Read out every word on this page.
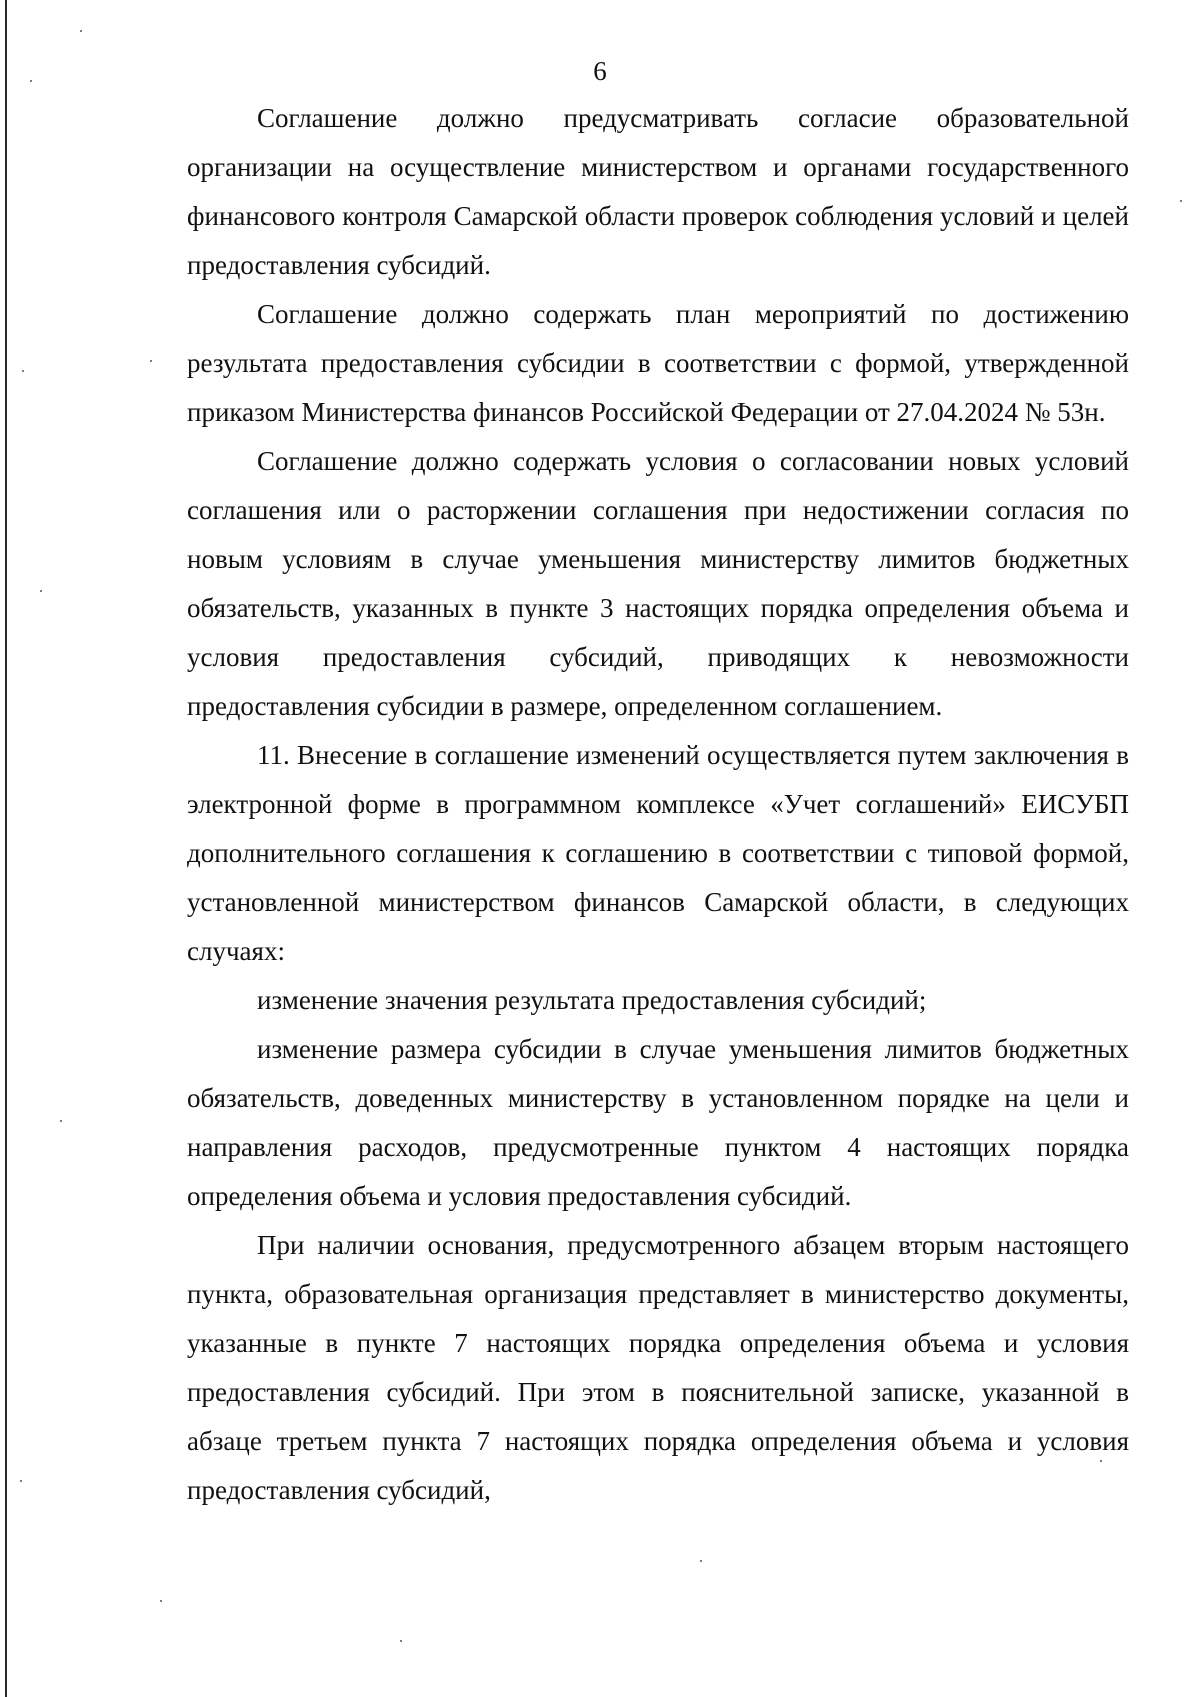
6

Соглашение должно предусматривать согласие образовательной организации на осуществление министерством и органами государственного финансового контроля Самарской области проверок соблюдения условий и целей предоставления субсидий.

Соглашение должно содержать план мероприятий по достижению результата предоставления субсидии в соответствии с формой, утвержденной приказом Министерства финансов Российской Федерации от 27.04.2024 № 53н.

Соглашение должно содержать условия о согласовании новых условий соглашения или о расторжении соглашения при недостижении согласия по новым условиям в случае уменьшения министерству лимитов бюджетных обязательств, указанных в пункте 3 настоящих порядка определения объема и условия предоставления субсидий, приводящих к невозможности предоставления субсидии в размере, определенном соглашением.

11. Внесение в соглашение изменений осуществляется путем заключения в электронной форме в программном комплексе «Учет соглашений» ЕИСУБП дополнительного соглашения к соглашению в соответствии с типовой формой, установленной министерством финансов Самарской области, в следующих случаях:

изменение значения результата предоставления субсидий;

изменение размера субсидии в случае уменьшения лимитов бюджетных обязательств, доведенных министерству в установленном порядке на цели и направления расходов, предусмотренные пунктом 4 настоящих порядка определения объема и условия предоставления субсидий.

При наличии основания, предусмотренного абзацем вторым настоящего пункта, образовательная организация представляет в министерство документы, указанные в пункте 7 настоящих порядка определения объема и условия предоставления субсидий. При этом в пояснительной записке, указанной в абзаце третьем пункта 7 настоящих порядка определения объема и условия предоставления субсидий,
